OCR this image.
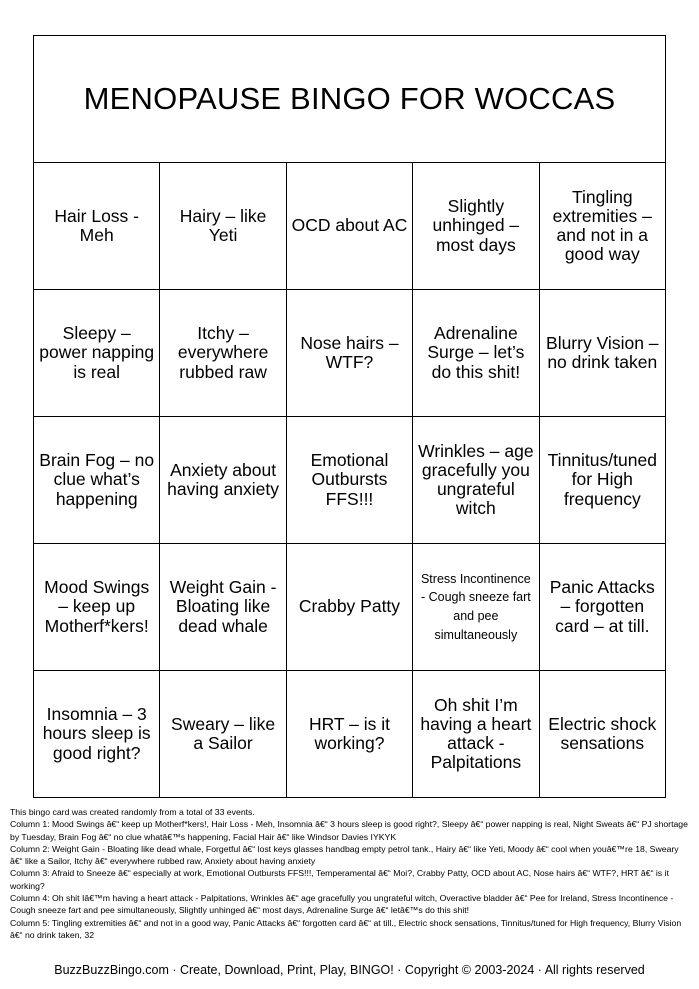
MENOPAUSE BINGO FOR WOCCAS				
Hair Loss - Meh	Hairy – like Yeti	OCD about AC	Slightly unhinged – most days	Tingling extremities – and not in a good way
Sleepy – power napping is real	Itchy – everywhere rubbed raw	Nose hairs – WTF?	Adrenaline Surge – let’s do this shit!	Blurry Vision – no drink taken
Brain Fog – no clue what’s happening	Anxiety about having anxiety	Emotional Outbursts FFS!!!	Wrinkles – age gracefully you ungrateful witch	Tinnitus/tuned for High frequency
Mood Swings – keep up Motherf*kers!	Weight Gain - Bloating like dead whale	Crabby Patty	Stress Incontinence - Cough sneeze fart and pee simultaneously	Panic Attacks – forgotten card – at till.
Insomnia – 3 hours sleep is good right?	Sweary – like a Sailor	HRT – is it working?	Oh shit I’m having a heart attack - Palpitations	Electric shock sensations
This bingo card was created randomly from a total of 33 events.
Column 1: Mood Swings â€“ keep up Motherf*kers!, Hair Loss - Meh, Insomnia â€“ 3 hours sleep is good right?, Sleepy â€“ power napping is real, Night Sweats â€“ PJ shortage by Tuesday, Brain Fog â€“ no clue whatâ€™s happening, Facial Hair â€“ like Windsor Davies IYKYK
Column 2: Weight Gain - Bloating like dead whale, Forgetful â€“ lost keys glasses handbag empty petrol tank., Hairy â€“ like Yeti, Moody â€“ cool when youâ€™re 18, Sweary â€“ like a Sailor, Itchy â€“ everywhere rubbed raw, Anxiety about having anxiety
Column 3: Afraid to Sneeze â€“ especially at work, Emotional Outbursts FFS!!!, Temperamental â€“ Moi?, Crabby Patty, OCD about AC, Nose hairs â€“ WTF?, HRT â€“ is it working?
Column 4: Oh shit Iâ€™m having a heart attack - Palpitations, Wrinkles â€“ age gracefully you ungrateful witch, Overactive bladder â€“ Pee for Ireland, Stress Incontinence - Cough sneeze fart and pee simultaneously, Slightly unhinged â€“ most days, Adrenaline Surge â€“ letâ€™s do this shit!
Column 5: Tingling extremities â€“ and not in a good way, Panic Attacks â€“ forgotten card â€“ at till., Electric shock sensations, Tinnitus/tuned for High frequency, Blurry Vision â€“ no drink taken, 32
BuzzBuzzBingo.com · Create, Download, Print, Play, BINGO! · Copyright © 2003-2024 · All rights reserved
